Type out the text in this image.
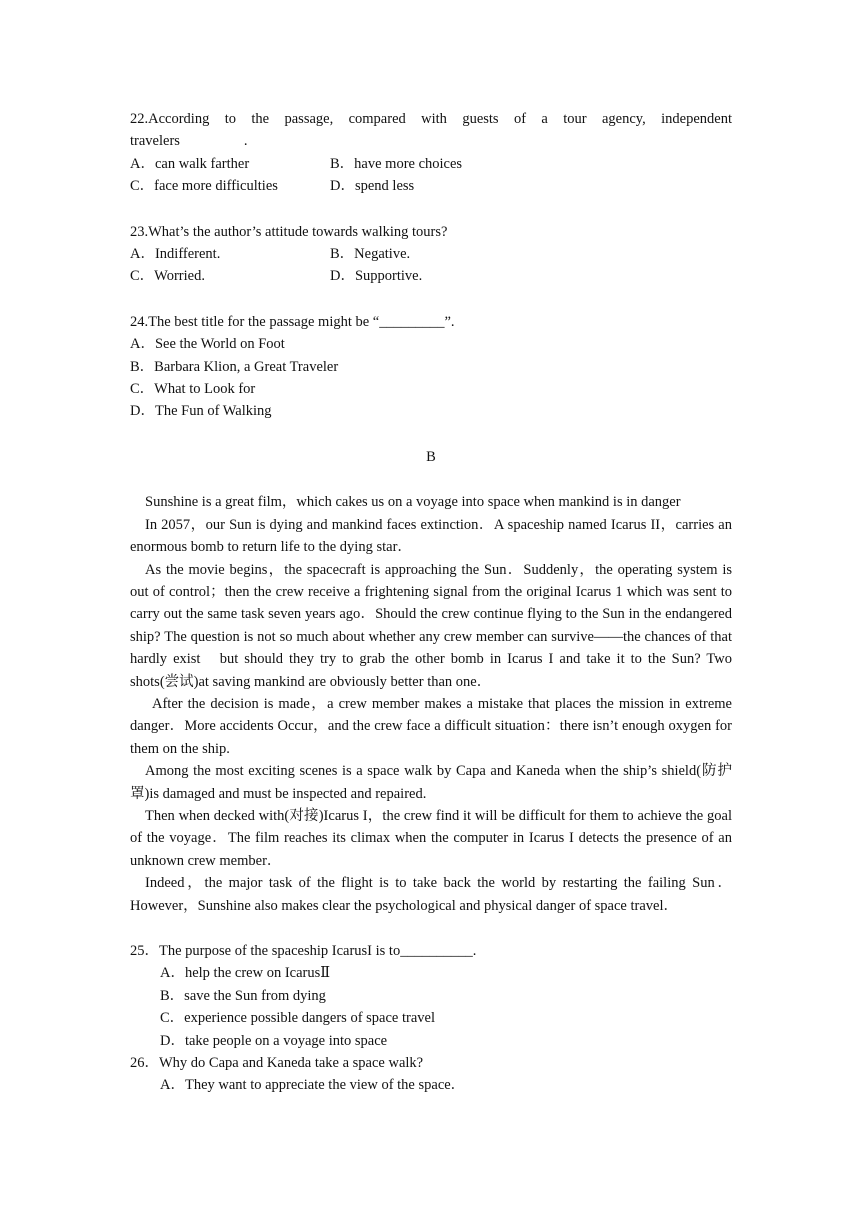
22.According to the passage, compared with guests of a tour agency, independent
travelers	.
A．can walk farther	B．have more choices
C．face more difficulties	D．spend less
23.What’s the author’s attitude towards walking tours?
A．Indifferent.	B．Negative.
C．Worried.	D．Supportive.
24.The best title for the passage might be “_________”.
A．See the World on Foot
B．Barbara Klion, a Great Traveler
C．What to Look for
D．The Fun of Walking
B
Sunshine is a great film，which cakes us on a voyage into space when mankind is in danger
In 2057，our Sun is dying and mankind faces extinction．A spaceship named Icarus II，carries an enormous bomb to return life to the dying star．
As the movie begins，the spacecraft is approaching the Sun．Suddenly，the operating system is out of control；then the crew receive a frightening signal from the original Icarus 1 which was sent to carry out the same task seven years ago．Should the crew continue flying to the Sun in the endangered ship? The question is not so much about whether any crew member can survive——the chances of that hardly exist　but should they try to grab the other bomb in Icarus I and take it to the Sun? Two shots(尝试)at saving mankind are obviously better than one．
After the decision is made，a crew member makes a mistake that places the mission in extreme danger．More accidents Occur，and the crew face a difficult situation：there isn’t enough oxygen for them on the ship.
Among the most exciting scenes is a space walk by Capa and Kaneda when the ship’s shield(防护罩)is damaged and must be inspected and repaired.
Then when decked with(对接)Icarus I，the crew find it will be difficult for them to achieve the goal of the voyage．The film reaches its climax when the computer in Icarus I detects the presence of an unknown crew member．
Indeed，the major task of the flight is to take back the world by restarting the failing Sun．However，Sunshine also makes clear the psychological and physical danger of space travel．
25．The purpose of the spaceship IcarusI is to__________.
A．help the crew on IcarusⅡ
B．save the Sun from dying
C．experience possible dangers of space travel
D．take people on a voyage into space
26．Why do Capa and Kaneda take a space walk?
A．They want to appreciate the view of the space．
